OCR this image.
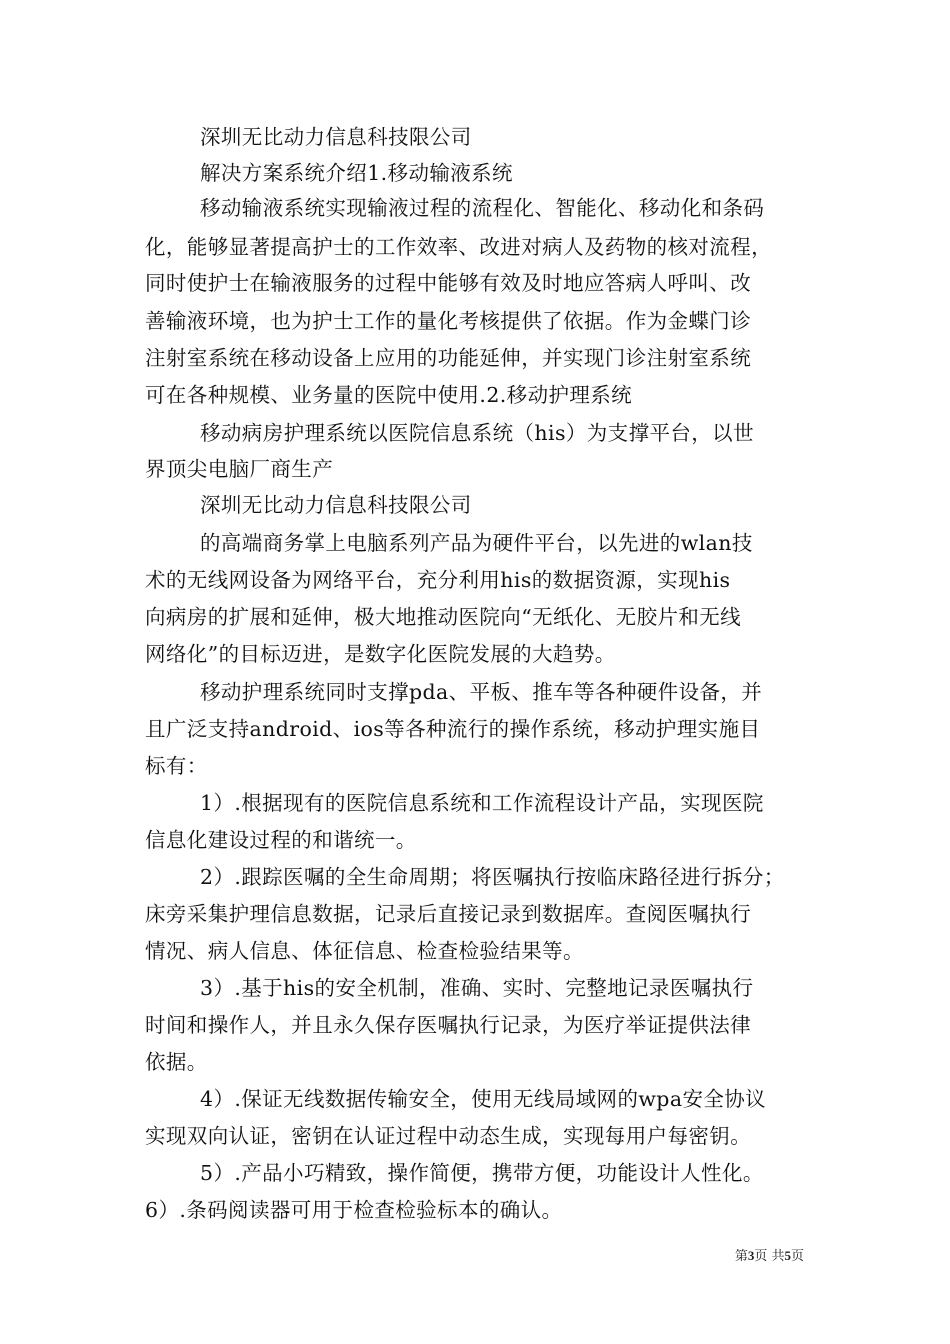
深圳无比动力信息科技限公司
解决方案系统介绍1.移动输液系统
移动输液系统实现输液过程的流程化、智能化、移动化和条码
化，能够显著提高护士的工作效率、改进对病人及药物的核对流程，
同时使护士在输液服务的过程中能够有效及时地应答病人呼叫、改
善输液环境，也为护士工作的量化考核提供了依据。作为金蝶门诊
注射室系统在移动设备上应用的功能延伸，并实现门诊注射室系统
可在各种规模、业务量的医院中使用.2.移动护理系统
移动病房护理系统以医院信息系统（his）为支撑平台，以世
界顶尖电脑厂商生产
深圳无比动力信息科技限公司
的高端商务掌上电脑系列产品为硬件平台，以先进的wlan技
术的无线网设备为网络平台，充分利用his的数据资源，实现his
向病房的扩展和延伸，极大地推动医院向“无纸化、无胶片和无线
网络化”的目标迈进，是数字化医院发展的大趋势。
移动护理系统同时支撑pda、平板、推车等各种硬件设备，并
且广泛支持android、ios等各种流行的操作系统，移动护理实施目
标有：
1）.根据现有的医院信息系统和工作流程设计产品，实现医院
信息化建设过程的和谐统一。
2）.跟踪医嘱的全生命周期；将医嘱执行按临床路径进行拆分；
床旁采集护理信息数据，记录后直接记录到数据库。查阅医嘱执行
情况、病人信息、体征信息、检查检验结果等。
3）.基于his的安全机制，准确、实时、完整地记录医嘱执行
时间和操作人，并且永久保存医嘱执行记录，为医疗举证提供法律
依据。
4）.保证无线数据传输安全，使用无线局域网的wpa安全协议
实现双向认证，密钥在认证过程中动态生成，实现每用户每密钥。
5）.产品小巧精致，操作简便，携带方便，功能设计人性化。
6）.条码阅读器可用于检查检验标本的确认。
第3页 共5页
